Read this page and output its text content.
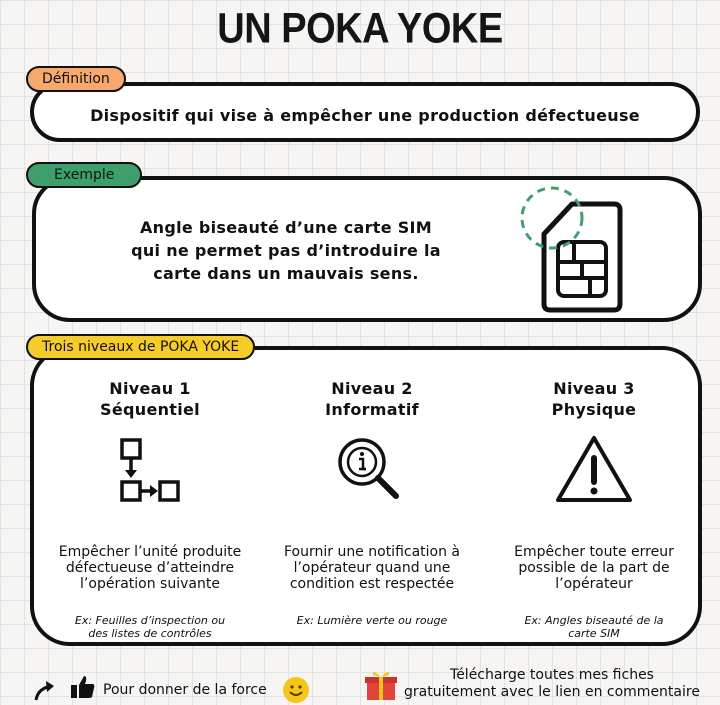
UN POKA YOKE
Dispositif qui vise à empêcher une production défectueuse
Définition
Angle biseauté d’une carte SIM
qui ne permet pas d’introduire la
carte dans un mauvais sens.
Exemple
Niveau 1
Séquentiel
Empêcher l’unité produite
défectueuse d’atteindre
l’opération suivante
Ex: Feuilles d’inspection ou
des listes de contrôles
Niveau 2
Informatif
Fournir une notification à
l’opérateur quand une
condition est respectée
Ex: Lumière verte ou rouge
Niveau 3
Physique
Empêcher toute erreur
possible de la part de
l’opérateur
Ex: Angles biseauté de la
carte SIM
Trois niveaux de POKA YOKE
Pour donner de la force
Télécharge toutes mes fiches
gratuitement avec le lien en commentaire
